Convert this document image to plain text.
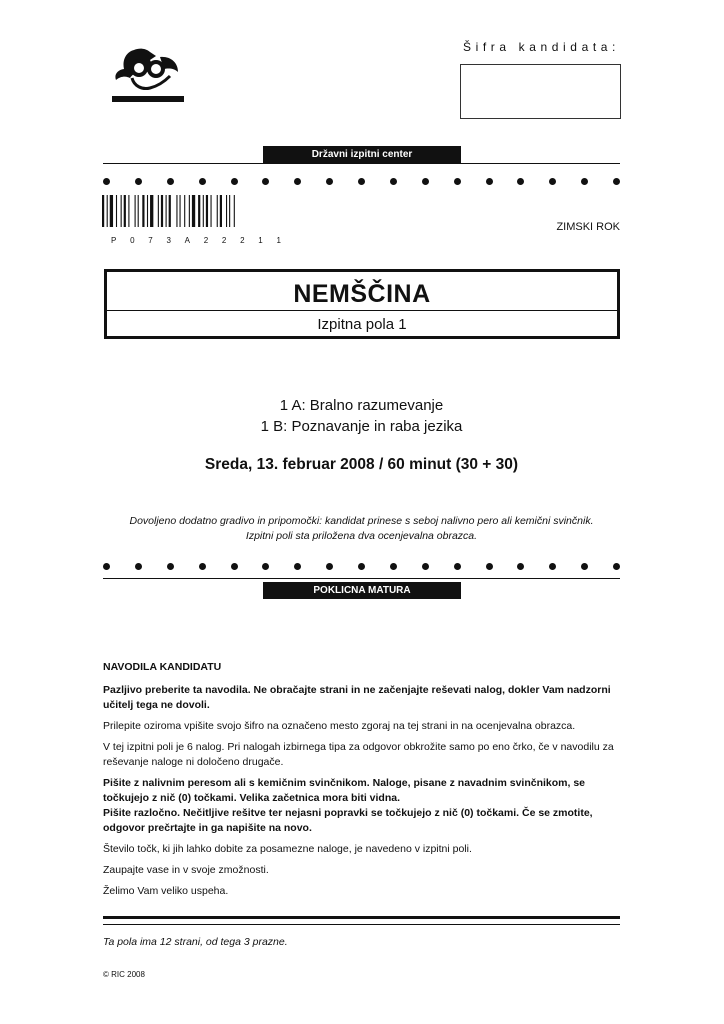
Šifra kandidata:
Državni izpitni center
P 0 7 3 A 2 2 2 1 1
ZIMSKI ROK
NEMŠČINA
Izpitna pola 1
1 A: Bralno razumevanje
1 B: Poznavanje in raba jezika
Sreda, 13. februar 2008 / 60 minut (30 + 30)
Dovoljeno dodatno gradivo in pripomočki: kandidat prinese s seboj nalivno pero ali kemični svinčnik.
Izpitni poli sta priložena dva ocenjevalna obrazca.
POKLICNA MATURA
NAVODILA KANDIDATU

Pazljivo preberite ta navodila. Ne obračajte strani in ne začenjajte reševati nalog, dokler Vam nadzorni učitelj tega ne dovoli.

Prilepite oziroma vpišite svojo šifro na označeno mesto zgoraj na tej strani in na ocenjevalna obrazca.

V tej izpitni poli je 6 nalog. Pri nalogah izbirnega tipa za odgovor obkrožite samo po eno črko, če v navodilu za reševanje naloge ni določeno drugače.

Pišite z nalivnim peresom ali s kemičnim svinčnikom. Naloge, pisane z navadnim svinčnikom, se točkujejo z nič (0) točkami. Velika začetnica mora biti vidna.

Pišite razločno. Nečitljive rešitve ter nejasni popravki se točkujejo z nič (0) točkami. Če se zmotite, odgovor prečrtajte in ga napišite na novo.

Število točk, ki jih lahko dobite za posamezne naloge, je navedeno v izpitni poli.

Zaupajte vase in v svoje zmožnosti.

Želimo Vam veliko uspeha.

Ta pola ima 12 strani, od tega 3 prazne.
© RIC 2008
